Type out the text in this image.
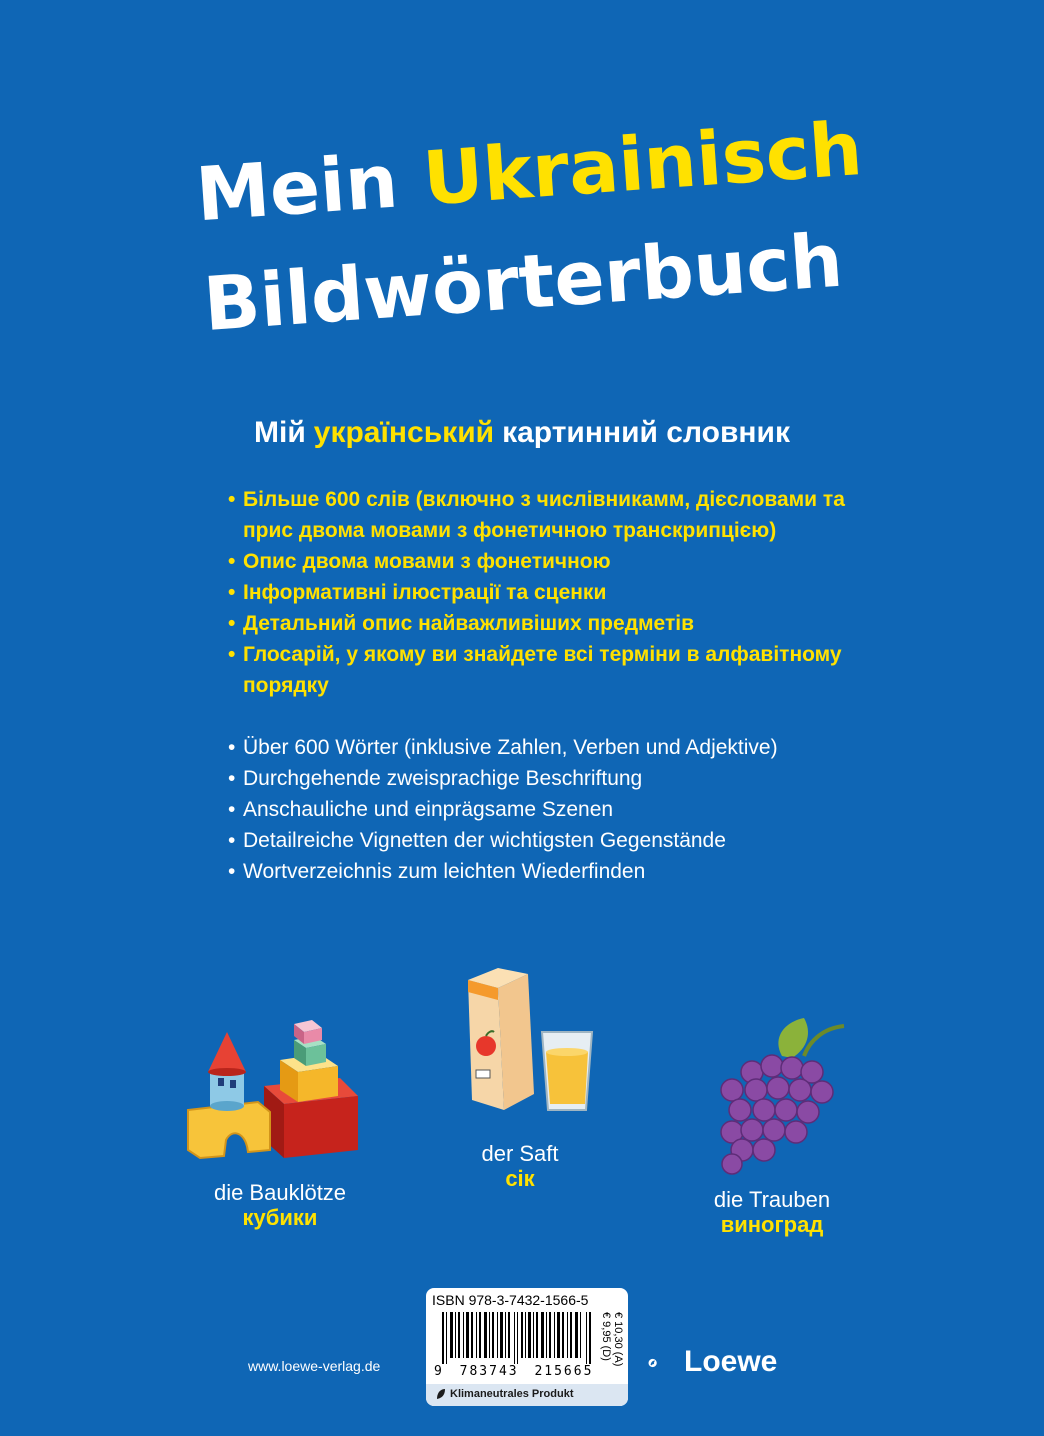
Mein Ukrainisch
Bildwörterbuch
Мій український картинний словник
• Більше 600 слів (включно з числівникамм, дієсловами та
прис двома мовами з фонетичною транскрипцією)
• Опис двома мовами з фонетичною
• Інформативні ілюстрації та сценки
• Детальний опис найважливіших предметів
• Глосарій, у якому ви знайдете всі терміни в алфавітному
порядку
• Über 600 Wörter (inklusive Zahlen, Verben und Adjektive)
• Durchgehende zweisprachige Beschriftung
• Anschauliche und einprägsame Szenen
• Detailreiche Vignetten der wichtigsten Gegenstände
• Wortverzeichnis zum leichten Wiederfinden
die Bauklötze
кубики
der Saft
сік
die Trauben
виноград
ISBN 978-3-7432-1566-5
9 783743 215665
€ 9,95 (D) € 10,30 (A)
Klimaneutrales Produkt
www.loewe-verlag.de	Loewe
